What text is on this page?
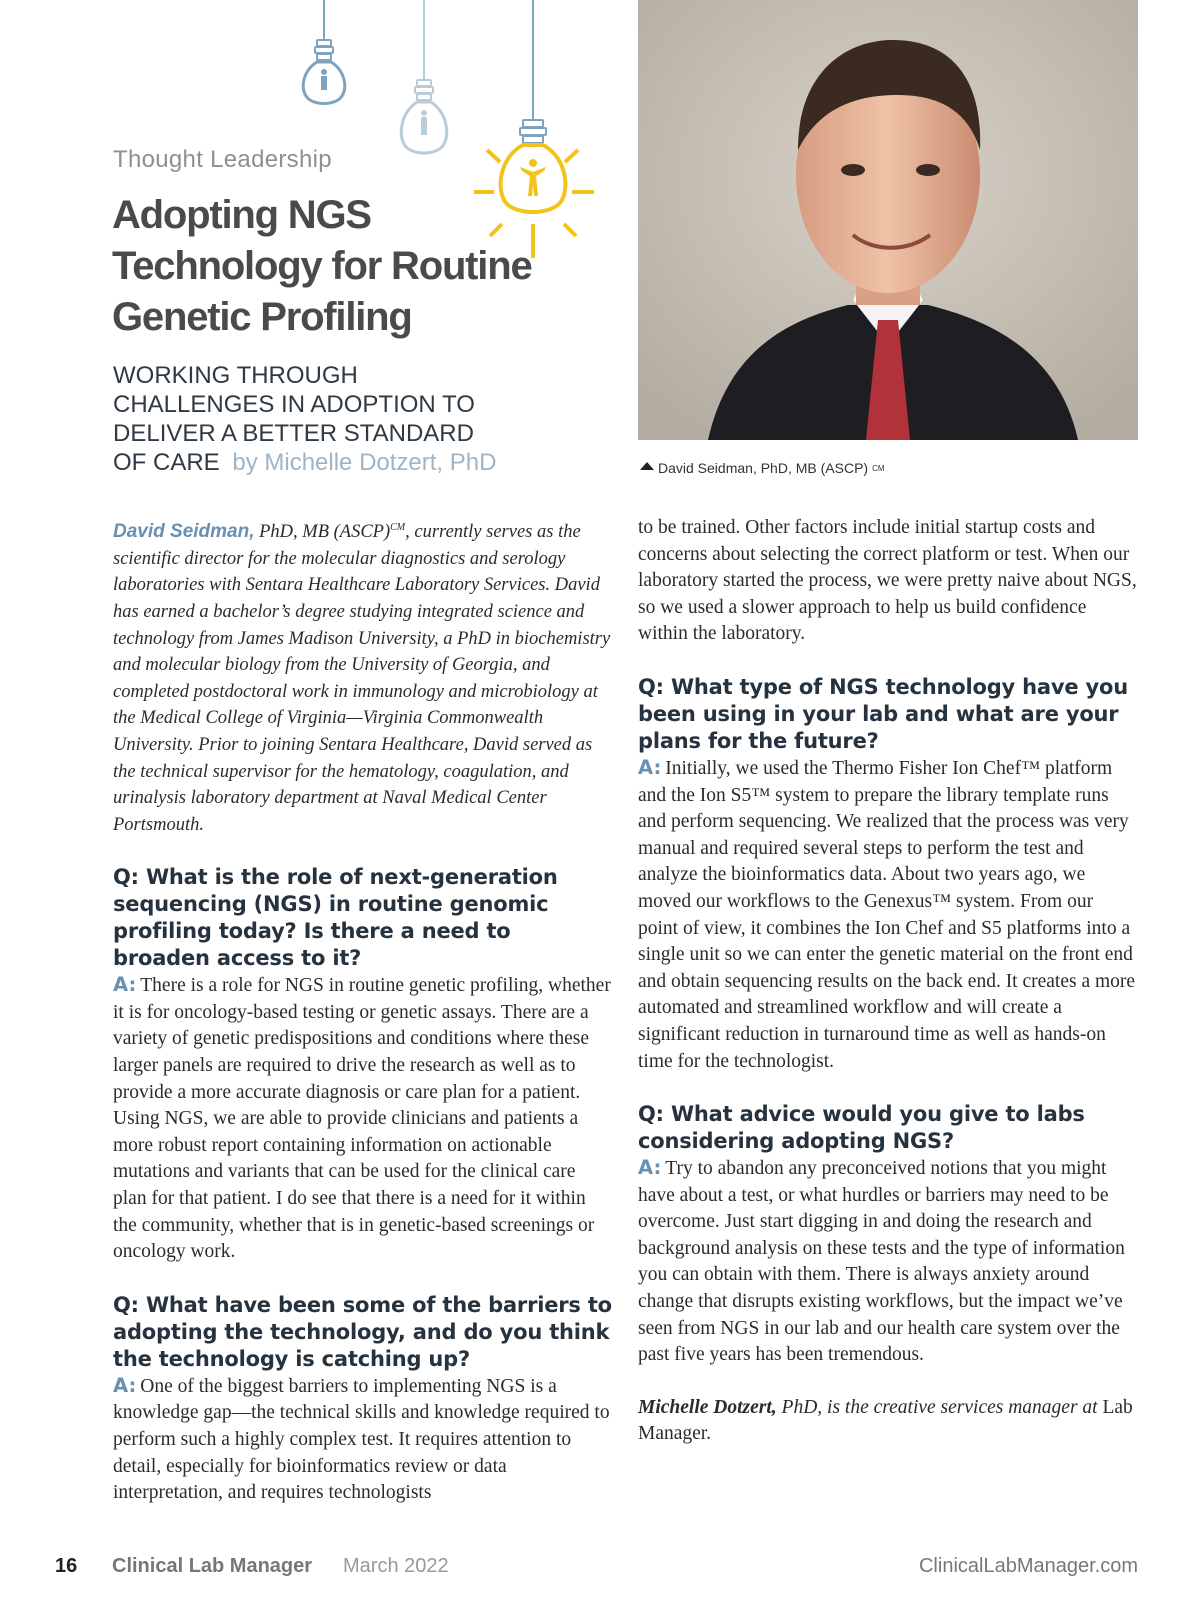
Thought Leadership
Adopting NGS Technology for Routine Genetic Profiling
WORKING THROUGH CHALLENGES IN ADOPTION TO DELIVER A BETTER STANDARD OF CARE by Michelle Dotzert, PhD	David Seidman, PhD, MB (ASCP) CM

David Seidman, PhD, MB (ASCP)$^{CM}$, currently serves as the scientific director for the molecular diagnostics and serology laboratories with Sentara Healthcare Laboratory Services. David has earned a bachelor’s degree studying integrated science and technology from James Madison University, a PhD in biochemistry and molecular biology from the University of Georgia, and completed postdoctoral work in immunology and microbiology at the Medical College of Virginia—Virginia Commonwealth University. Prior to joining Sentara Healthcare, David served as the technical supervisor for the hematology, coagulation, and urinalysis laboratory department at Naval Medical Center Portsmouth.

Q: What is the role of next-generation sequencing (NGS) in routine genomic profiling today? Is there a need to broaden access to it?

A: There is a role for NGS in routine genetic profiling, whether it is for oncology-based testing or genetic assays. There are a variety of genetic predispositions and conditions where these larger panels are required to drive the research as well as to provide a more accurate diagnosis or care plan for a patient. Using NGS, we are able to provide clinicians and patients a more robust report containing information on actionable mutations and variants that can be used for the clinical care plan for that patient. I do see that there is a need for it within the community, whether that is in genetic-based screenings or oncology work.

Q: What have been some of the barriers to adopting the technology, and do you think the technology is catching up?

A: One of the biggest barriers to implementing NGS is a knowledge gap—the technical skills and knowledge required to perform such a highly complex test. It requires attention to detail, especially for bioinformatics review or data interpretation, and requires technologists

to be trained. Other factors include initial startup costs and concerns about selecting the correct platform or test. When our laboratory started the process, we were pretty naive about NGS, so we used a slower approach to help us build confidence within the laboratory.

Q: What type of NGS technology have you been using in your lab and what are your plans for the future?

A: Initially, we used the Thermo Fisher Ion Chef™ platform and the Ion S5™ system to prepare the library template runs and perform sequencing. We realized that the process was very manual and required several steps to perform the test and analyze the bioinformatics data. About two years ago, we moved our workflows to the Genexus™ system. From our point of view, it combines the Ion Chef and S5 platforms into a single unit so we can enter the genetic material on the front end and obtain sequencing results on the back end. It creates a more automated and streamlined workflow and will create a significant reduction in turnaround time as well as hands-on time for the technologist.

Q: What advice would you give to labs considering adopting NGS?

A: Try to abandon any preconceived notions that you might have about a test, or what hurdles or barriers may need to be overcome. Just start digging in and doing the research and background analysis on these tests and the type of information you can obtain with them. There is always anxiety around change that disrupts existing workflows, but the impact we’ve seen from NGS in our lab and our health care system over the past five years has been tremendous.

Michelle Dotzert, PhD, is the creative services manager at Lab Manager.

16 Clinical Lab Manager March 2022	ClinicalLabManager.com
